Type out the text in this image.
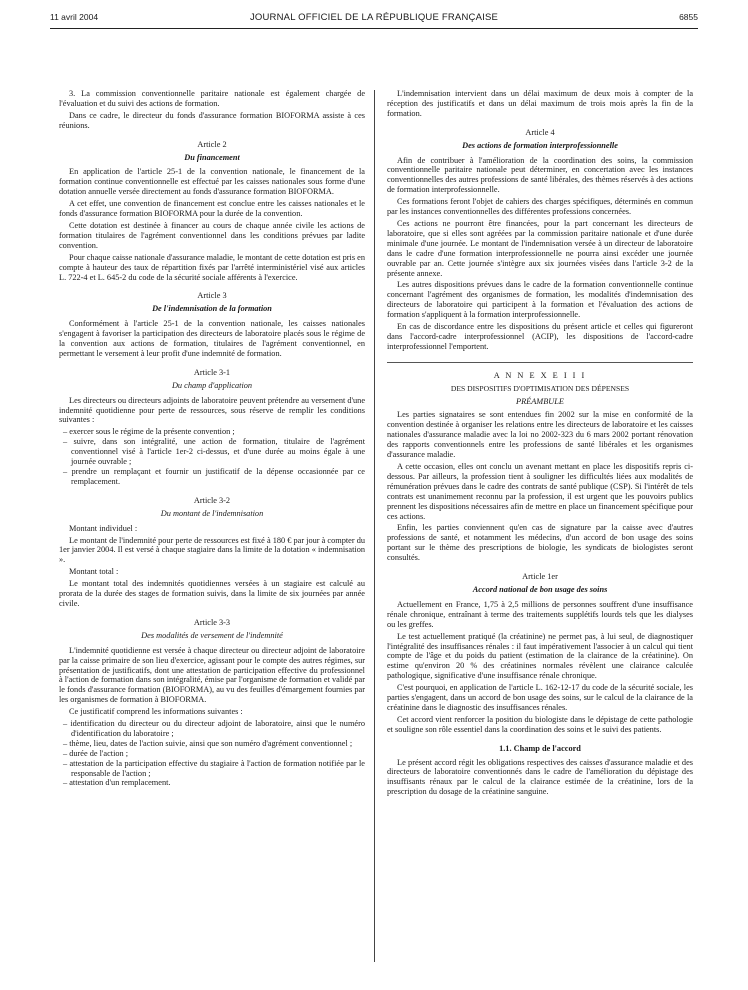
11 avril 2004	JOURNAL OFFICIEL DE LA RÉPUBLIQUE FRANÇAISE	6855

3. La commission conventionnelle paritaire nationale est également chargée de l'évaluation et du suivi des actions de formation.

Dans ce cadre, le directeur du fonds d'assurance formation BIOFORMA assiste à ces réunions.

Article 2
Du financement

En application de l'article 25-1 de la convention nationale, le financement de la formation continue conventionnelle est effectué par les caisses nationales sous forme d'une dotation annuelle versée directement au fonds d'assurance formation BIOFORMA.

A cet effet, une convention de financement est conclue entre les caisses nationales et le fonds d'assurance formation BIOFORMA pour la durée de la convention.

Cette dotation est destinée à financer au cours de chaque année civile les actions de formation titulaires de l'agrément conventionnel dans les conditions prévues par ladite convention.

Pour chaque caisse nationale d'assurance maladie, le montant de cette dotation est pris en compte à hauteur des taux de répartition fixés par l'arrêté interministériel visé aux articles L. 722-4 et L. 645-2 du code de la sécurité sociale afférents à l'exercice.

Article 3
De l'indemnisation de la formation

Conformément à l'article 25-1 de la convention nationale, les caisses nationales s'engagent à favoriser la participation des directeurs de laboratoire placés sous le régime de la convention aux actions de formation, titulaires de l'agrément conventionnel, en permettant le versement à leur profit d'une indemnité de formation.

Article 3-1
Du champ d'application

Les directeurs ou directeurs adjoints de laboratoire peuvent prétendre au versement d'une indemnité quotidienne pour perte de ressources, sous réserve de remplir les conditions suivantes :

– exercer sous le régime de la présente convention ;
– suivre, dans son intégralité, une action de formation, titulaire de l'agrément conventionnel visé à l'article 1er-2 ci-dessus, et d'une durée au moins égale à une journée ouvrable ;
– prendre un remplaçant et fournir un justificatif de la dépense occasionnée par ce remplacement.
Article 3-2
Du montant de l'indemnisation

Montant individuel :

Le montant de l'indemnité pour perte de ressources est fixé à 180 € par jour à compter du 1er janvier 2004. Il est versé à chaque stagiaire dans la limite de la dotation « indemnisation ».

Montant total :

Le montant total des indemnités quotidiennes versées à un stagiaire est calculé au prorata de la durée des stages de formation suivis, dans la limite de six journées par année civile.

Article 3-3
Des modalités de versement de l'indemnité

L'indemnité quotidienne est versée à chaque directeur ou directeur adjoint de laboratoire par la caisse primaire de son lieu d'exercice, agissant pour le compte des autres régimes, sur présentation de justificatifs, dont une attestation de participation effective du professionnel à l'action de formation dans son intégralité, émise par l'organisme de formation et validé par le fonds d'assurance formation (BIOFORMA), au vu des feuilles d'émargement fournies par les organismes de formation à BIOFORMA.

Ce justificatif comprend les informations suivantes :

– identification du directeur ou du directeur adjoint de laboratoire, ainsi que le numéro d'identification du laboratoire ;
– thème, lieu, dates de l'action suivie, ainsi que son numéro d'agrément conventionnel ;
– durée de l'action ;
– attestation de la participation effective du stagiaire à l'action de formation notifiée par le responsable de l'action ;
– attestation d'un remplacement.

L'indemnisation intervient dans un délai maximum de deux mois à compter de la réception des justificatifs et dans un délai maximum de trois mois après la fin de la formation.

Article 4
Des actions de formation interprofessionnelle

Afin de contribuer à l'amélioration de la coordination des soins, la commission conventionnelle paritaire nationale peut déterminer, en concertation avec les instances conventionnelles des autres professions de santé libérales, des thèmes réservés à des actions de formation interprofessionnelle.

Ces formations feront l'objet de cahiers des charges spécifiques, déterminés en commun par les instances conventionnelles des différentes professions concernées.

Ces actions ne pourront être financées, pour la part concernant les directeurs de laboratoire, que si elles sont agréées par la commission paritaire nationale et d'une durée minimale d'une journée. Le montant de l'indemnisation versée à un directeur de laboratoire dans le cadre d'une formation interprofessionnelle ne pourra ainsi excéder une journée ouvrable par an. Cette journée s'intègre aux six journées visées dans l'article 3-2 de la présente annexe.

Les autres dispositions prévues dans le cadre de la formation conventionnelle continue concernant l'agrément des organismes de formation, les modalités d'indemnisation des directeurs de laboratoire qui participent à la formation et l'évaluation des actions de formation s'appliquent à la formation interprofessionnelle.

En cas de discordance entre les dispositions du présent article et celles qui figureront dans l'accord-cadre interprofessionnel (ACIP), les dispositions de l'accord-cadre interprofessionnel l'emportent.

A N N E X E I I I
DES DISPOSITIFS D'OPTIMISATION DES DÉPENSES
PRÉAMBULE

Les parties signataires se sont entendues fin 2002 sur la mise en conformité de la convention destinée à organiser les relations entre les directeurs de laboratoire et les caisses nationales d'assurance maladie avec la loi no 2002-323 du 6 mars 2002 portant rénovation des rapports conventionnels entre les professions de santé libérales et les organismes d'assurance maladie.

A cette occasion, elles ont conclu un avenant mettant en place les dispositifs repris ci-dessous. Par ailleurs, la profession tient à souligner les difficultés liées aux modalités de rémunération prévues dans le cadre des contrats de santé publique (CSP). Si l'intérêt de tels contrats est unanimement reconnu par la profession, il est urgent que les pouvoirs publics prennent les dispositions nécessaires afin de mettre en place un financement spécifique pour ces actions.

Enfin, les parties conviennent qu'en cas de signature par la caisse avec d'autres professions de santé, et notamment les médecins, d'un accord de bon usage des soins portant sur le thème des prescriptions de biologie, les syndicats de biologistes seront consultés.

Article 1er
Accord national de bon usage des soins

Actuellement en France, 1,75 à 2,5 millions de personnes souffrent d'une insuffisance rénale chronique, entraînant à terme des traitements supplétifs lourds tels que les dialyses ou les greffes.

Le test actuellement pratiqué (la créatinine) ne permet pas, à lui seul, de diagnostiquer l'intégralité des insuffisances rénales : il faut impérativement l'associer à un calcul qui tient compte de l'âge et du poids du patient (estimation de la clairance de la créatinine). On estime qu'environ 20 % des créatinines normales révèlent une clairance calculée pathologique, significative d'une insuffisance rénale chronique.

C'est pourquoi, en application de l'article L. 162-12-17 du code de la sécurité sociale, les parties s'engagent, dans un accord de bon usage des soins, sur le calcul de la clairance de la créatinine dans le diagnostic des insuffisances rénales.

Cet accord vient renforcer la position du biologiste dans le dépistage de cette pathologie et souligne son rôle essentiel dans la coordination des soins et le suivi des patients.

1.1. Champ de l'accord

Le présent accord régit les obligations respectives des caisses d'assurance maladie et des directeurs de laboratoire conventionnés dans le cadre de l'amélioration du dépistage des insuffisants rénaux par le calcul de la clairance estimée de la créatinine, lors de la prescription du dosage de la créatinine sanguine.
